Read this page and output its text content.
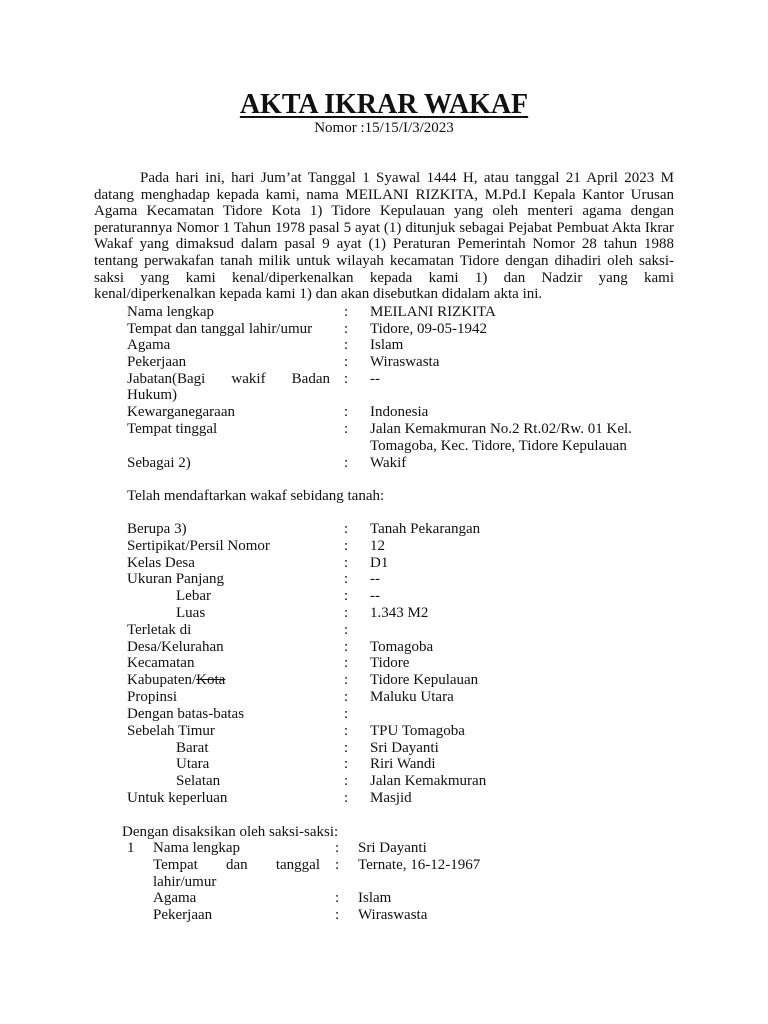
AKTA IKRAR WAKAF
Nomor :15/15/I/3/2023

Pada hari ini, hari Jum’at Tanggal 1 Syawal 1444 H, atau tanggal 21 April 2023 M datang menghadap kepada kami, nama MEILANI RIZKITA, M.Pd.I Kepala Kantor Urusan Agama Kecamatan Tidore Kota 1) Tidore Kepulauan yang oleh menteri agama dengan peraturannya Nomor 1 Tahun 1978 pasal 5 ayat (1) ditunjuk sebagai Pejabat Pembuat Akta Ikrar Wakaf yang dimaksud dalam pasal 9 ayat (1) Peraturan Pemerintah Nomor 28 tahun 1988 tentang perwakafan tanah milik untuk wilayah kecamatan Tidore dengan dihadiri oleh saksi-saksi yang kami kenal/diperkenalkan kepada kami 1) dan Nadzir yang kami kenal/diperkenalkan kepada kami 1) dan akan disebutkan didalam akta ini.

Nama lengkap	: MEILANI RIZKITA
Tempat dan tanggal lahir/umur : Tidore, 09-05-1942
Agama	: Islam
Pekerjaan	: Wiraswasta
Jabatan(Bagi wakif Badan : --
Hukum)
Kewarganegaraan	: Indonesia
Tempat tinggal	: Jalan Kemakmuran No.2 Rt.02/Rw. 01 Kel.
Tomagoba, Kec. Tidore, Tidore Kepulauan
Sebagai 2)	: Wakif
Telah mendaftarkan wakaf sebidang tanah:
Berupa 3)	: Tanah Pekarangan
Sertipikat/Persil Nomor	: 12
Kelas Desa	: D1
Ukuran Panjang	: --
Lebar	: --
Luas	: 1.343 M2
Terletak di	:
Desa/Kelurahan	: Tomagoba
Kecamatan	: Tidore
Kabupaten/Kota	: Tidore Kepulauan
Propinsi	: Maluku Utara
Dengan batas-batas	:
Sebelah Timur	: TPU Tomagoba
Barat	: Sri Dayanti
Utara	: Riri Wandi
Selatan	: Jalan Kemakmuran
Untuk keperluan	: Masjid
Dengan disaksikan oleh saksi-saksi:
1 Nama lengkap	: Sri Dayanti
Tempat dan tanggal : Ternate, 16-12-1967
lahir/umur
Agama	: Islam
Pekerjaan	: Wiraswasta
